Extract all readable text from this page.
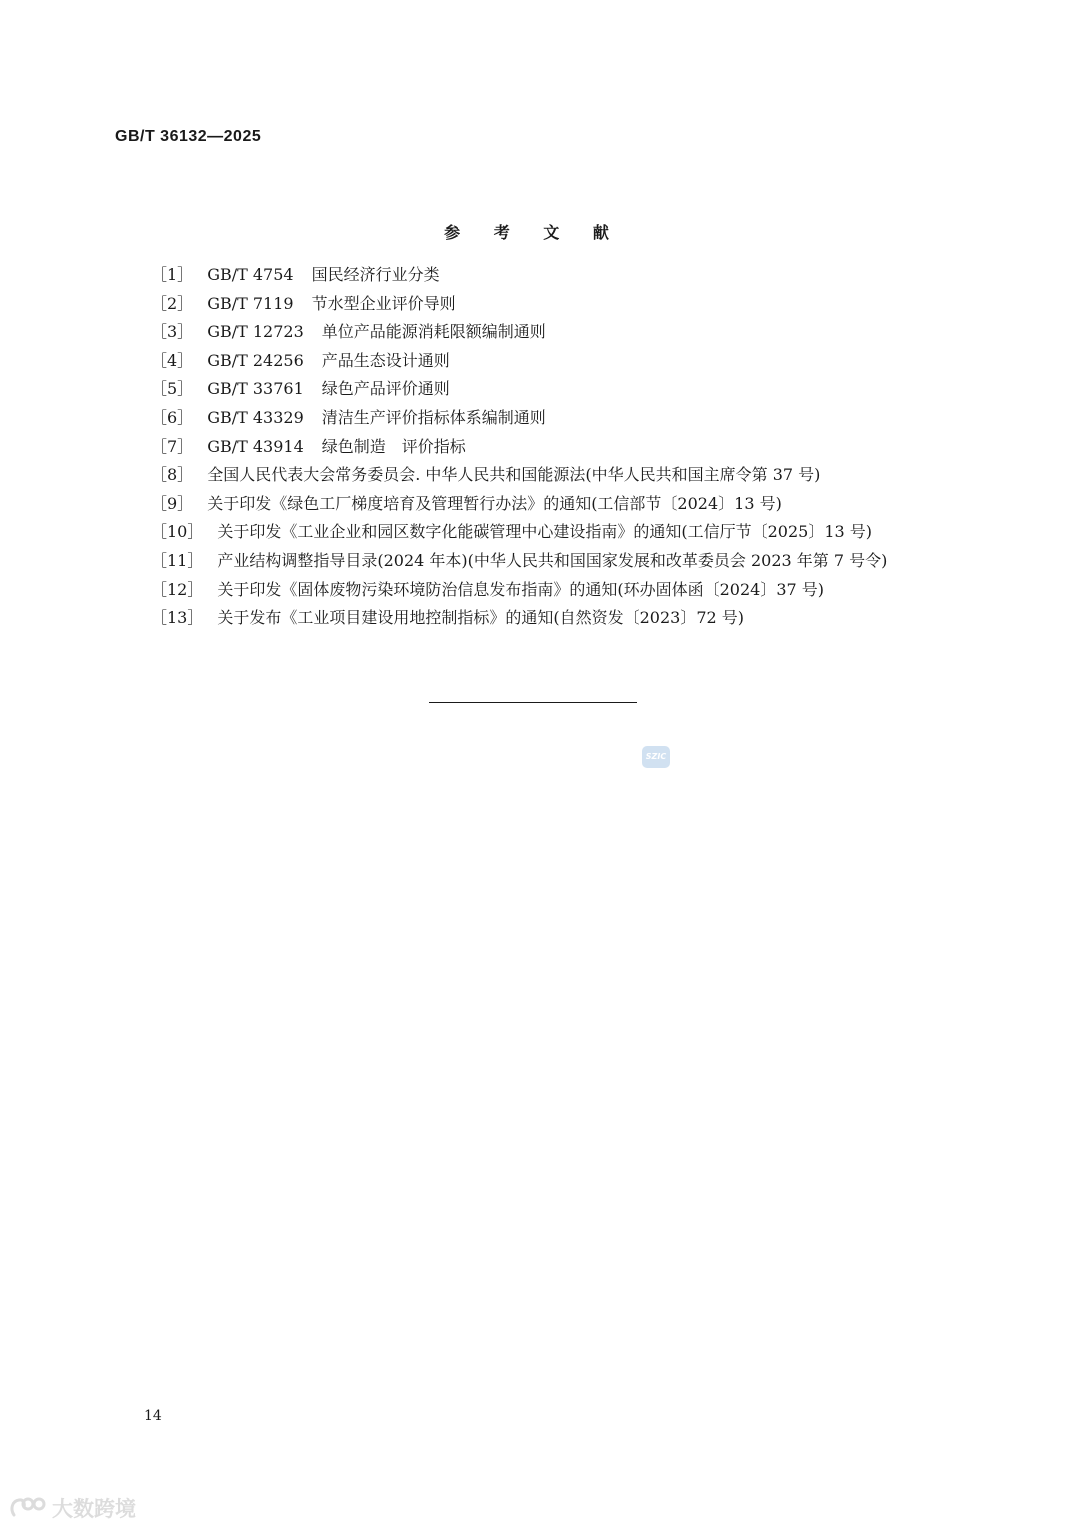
GB/T 36132—2025
参 考 文 献

［1］ GB/T 4754 国民经济行业分类

［2］ GB/T 7119 节水型企业评价导则

［3］ GB/T 12723 单位产品能源消耗限额编制通则

［4］ GB/T 24256 产品生态设计通则

［5］ GB/T 33761 绿色产品评价通则

［6］ GB/T 43329 清洁生产评价指标体系编制通则

［7］ GB/T 43914 绿色制造　评价指标

［8］ 全国人民代表大会常务委员会. 中华人民共和国能源法(中华人民共和国主席令第 37 号)

［9］ 关于印发《绿色工厂梯度培育及管理暂行办法》的通知(工信部节〔2024〕13 号)

［10］ 关于印发《工业企业和园区数字化能碳管理中心建设指南》的通知(工信厅节〔2025〕13 号)

［11］ 产业结构调整指导目录(2024 年本)(中华人民共和国国家发展和改革委员会 2023 年第 7 号令)

［12］ 关于印发《固体废物污染环境防治信息发布指南》的通知(环办固体函〔2024〕37 号)

［13］ 关于发布《工业项目建设用地控制指标》的通知(自然资发〔2023〕72 号)

SZIC
14
大数跨境
